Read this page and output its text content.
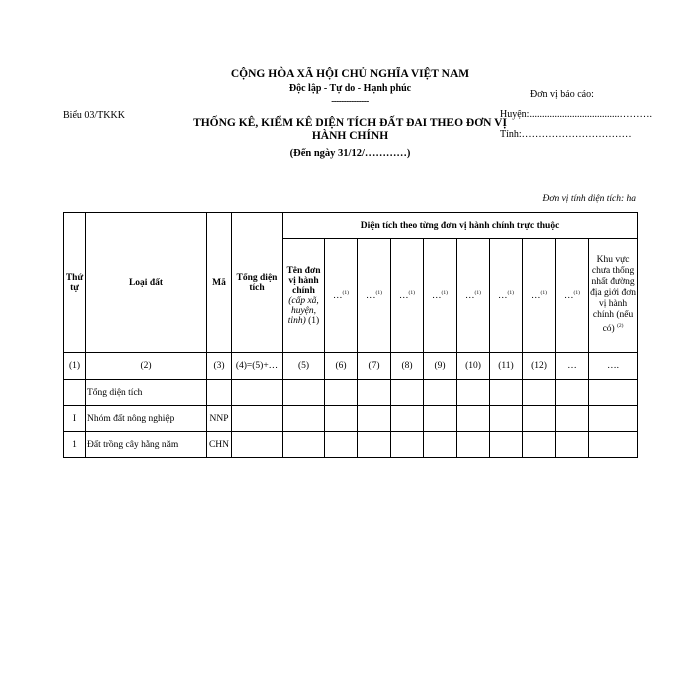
CỘNG HÒA XÃ HỘI CHỦ NGHĨA VIỆT NAM
Độc lập - Tự do - Hạnh phúc
---------------
Biểu 03/TKKK
THỐNG KÊ, KIỂM KÊ DIỆN TÍCH ĐẤT ĐAI THEO ĐƠN VỊ HÀNH CHÍNH
(Đến ngày 31/12/…………)
Đơn vị báo cáo:
Huyện:....................................……….
Tỉnh:……………………………
Đơn vị tính diện tích: ha
Thứ tự	Loại đất	Mã	Tổng diện tích	Diện tích theo từng đơn vị hành chính trực thuộc									
				Tên đơn vị hành chính (cấp xã, huyện, tỉnh) (1)	…$^{(1)}$	…$^{(1)}$	…$^{(1)}$	…$^{(1)}$	…$^{(1)}$	…$^{(1)}$	…$^{(1)}$	…$^{(1)}$	Khu vực chưa thống nhất đường địa giới đơn vị hành chính (nếu có) $^{(2)}$
(1)	(2)	(3)	(4)=(5)+…	(5)	(6)	(7)	(8)	(9)	(10)	(11)	(12)	…	….
	Tổng diện tích												
I	Nhóm đất nông nghiệp	NNP											
1	Đất trồng cây hằng năm	CHN											
